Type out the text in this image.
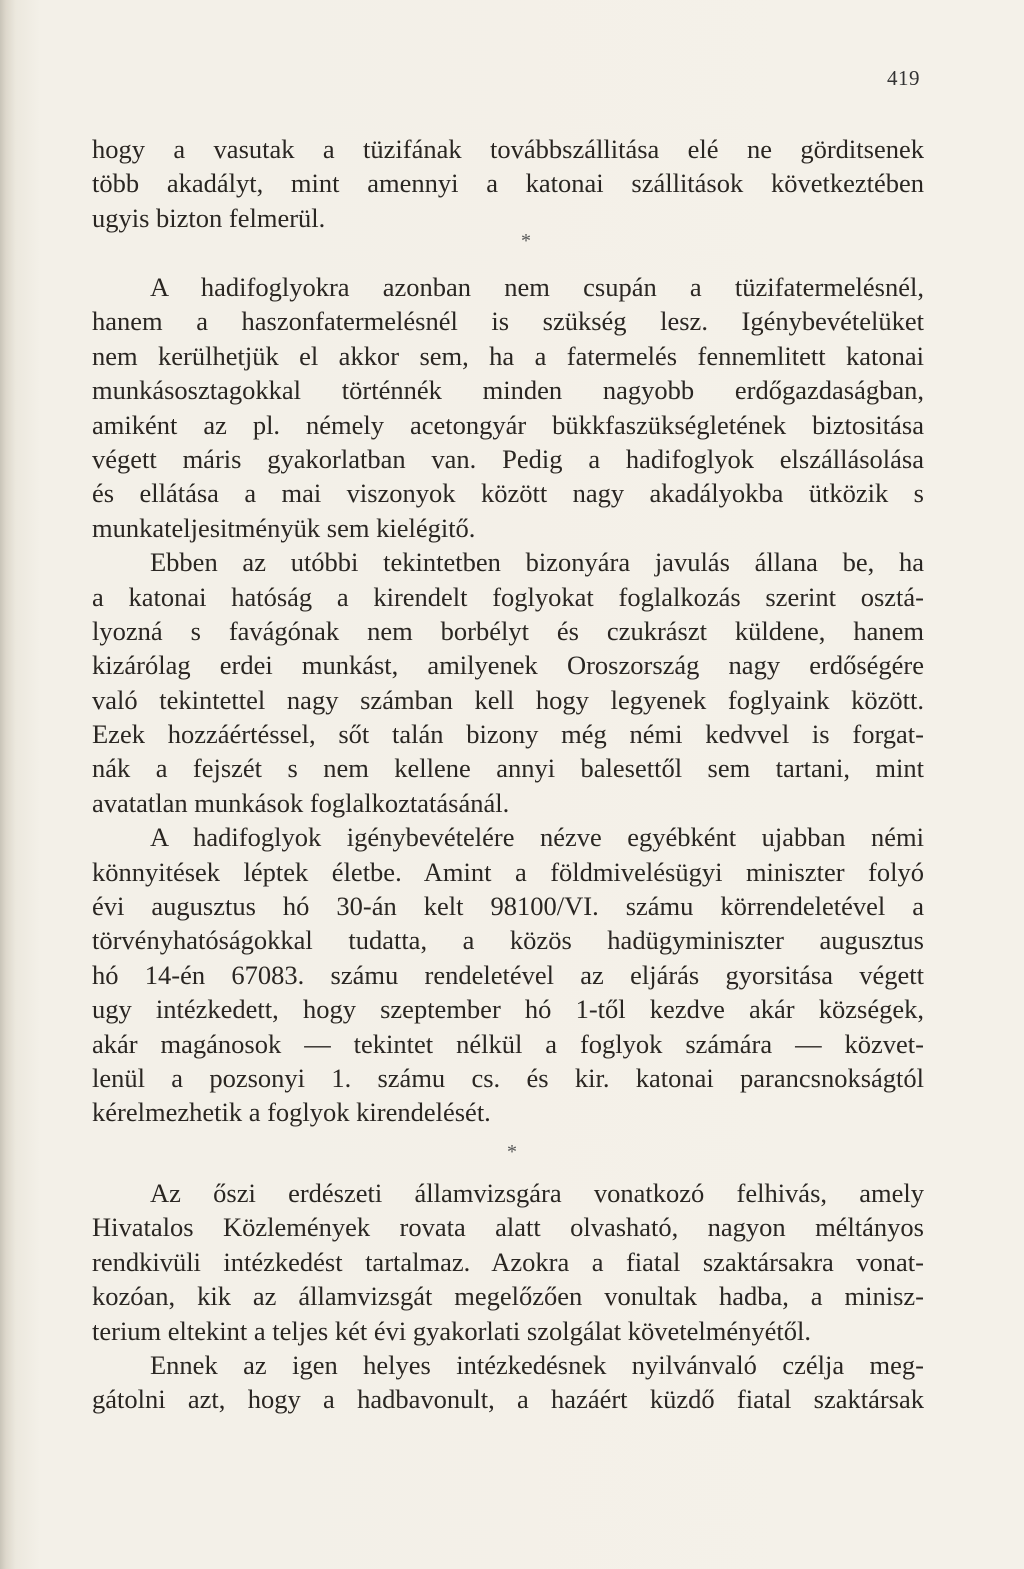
419
hogy a vasutak a tüzifának továbbszállitása elé ne görditsenek
több akadályt, mint amennyi a katonai szállitások következtében
ugyis bizton felmerül.
*
A hadifoglyokra azonban nem csupán a tüzifatermelésnél,
hanem a haszonfatermelésnél is szükség lesz. Igénybevételüket
nem kerülhetjük el akkor sem, ha a fatermelés fennemlitett katonai
munkásosztagokkal történnék minden nagyobb erdőgazdaságban,
amiként az pl. némely acetongyár bükkfaszükségletének biztositása
végett máris gyakorlatban van. Pedig a hadifoglyok elszállásolása
és ellátása a mai viszonyok között nagy akadályokba ütközik s
munkateljesitményük sem kielégitő.
Ebben az utóbbi tekintetben bizonyára javulás állana be, ha
a katonai hatóság a kirendelt foglyokat foglalkozás szerint osztá-
lyozná s favágónak nem borbélyt és czukrászt küldene, hanem
kizárólag erdei munkást, amilyenek Oroszország nagy erdőségére
való tekintettel nagy számban kell hogy legyenek foglyaink között.
Ezek hozzáértéssel, sőt talán bizony még némi kedvvel is forgat-
nák a fejszét s nem kellene annyi balesettől sem tartani, mint
avatatlan munkások foglalkoztatásánál.
A hadifoglyok igénybevételére nézve egyébként ujabban némi
könnyitések léptek életbe. Amint a földmivelésügyi miniszter folyó
évi augusztus hó 30-án kelt 98100/VI. számu körrendeletével a
törvényhatóságokkal tudatta, a közös hadügyminiszter augusztus
hó 14-én 67083. számu rendeletével az eljárás gyorsitása végett
ugy intézkedett, hogy szeptember hó 1-től kezdve akár községek,
akár magánosok — tekintet nélkül a foglyok számára — közvet-
lenül a pozsonyi 1. számu cs. és kir. katonai parancsnokságtól
kérelmezhetik a foglyok kirendelését.
*
Az őszi erdészeti államvizsgára vonatkozó felhivás, amely
Hivatalos Közlemények rovata alatt olvasható, nagyon méltányos
rendkivüli intézkedést tartalmaz. Azokra a fiatal szaktársakra vonat-
kozóan, kik az államvizsgát megelőzően vonultak hadba, a minisz-
terium eltekint a teljes két évi gyakorlati szolgálat követelményétől.
Ennek az igen helyes intézkedésnek nyilvánvaló czélja meg-
gátolni azt, hogy a hadbavonult, a hazáért küzdő fiatal szaktársak
